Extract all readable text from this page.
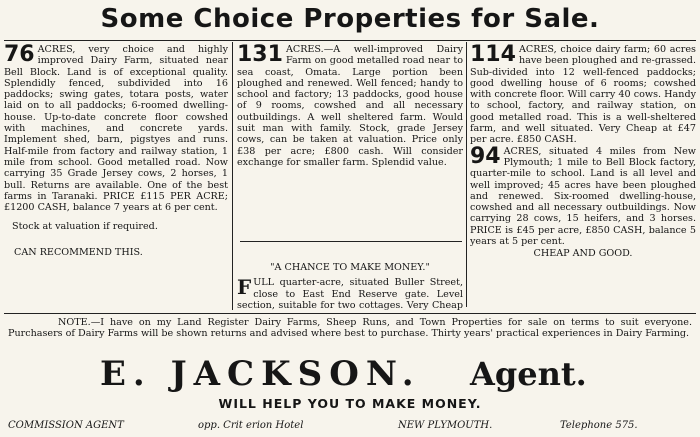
Some Choice Properties for Sale.

76 ACRES, very choice and highly improved Dairy Farm, situated near Bell Block. Land is of exceptional quality. Splendidly fenced, subdivided into 16 paddocks; swing gates, totara posts, water laid on to all paddocks; 6-roomed dwelling-house. Up-to-date concrete floor cowshed with machines, and concrete yards. Implement shed, barn, pigstyes and runs. Half-mile from factory and railway station, 1 mile from school. Good metalled road. Now carrying 35 Grade Jersey cows, 2 horses, 1 bull. Returns are available. One of the best farms in Taranaki. PRICE £115 PER ACRE; £1200 CASH, balance 7 years at 6 per cent.

Stock at valuation if required.

CAN RECOMMEND THIS.

131 ACRES.—A well-improved Dairy Farm on good metalled road near to sea coast, Omata. Large portion been ploughed and renewed. Well fenced; handy to school and factory; 13 paddocks, good house of 9 rooms, cowshed and all necessary outbuildings. A well sheltered farm. Would suit man with family. Stock, grade Jersey cows, can be taken at valuation. Price only £38 per acre; £800 cash. Will consider exchange for smaller farm. Splendid value.

"A CHANCE TO MAKE MONEY."

F ULL quarter-acre, situated Buller Street, close to East End Reserve gate. Level section, suitable for two cottages. Very Cheap

114 ACRES, choice dairy farm; 60 acres have been ploughed and re-grassed. Sub-divided into 12 well-fenced paddocks; good dwelling house of 6 rooms; cowshed with concrete floor. Will carry 40 cows. Handy to school, factory, and railway station, on good metalled road. This is a well-sheltered farm, and well situated. Very Cheap at £47 per acre. £850 CASH.

94 ACRES, situated 4 miles from New Plymouth; 1 mile to Bell Block factory, quarter-mile to school. Land is all level and well improved; 45 acres have been ploughed and renewed. Six-roomed dwelling-house, cowshed and all necessary outbuildings. Now carrying 28 cows, 15 heifers, and 3 horses. PRICE is £45 per acre, £850 CASH, balance 5 years at 5 per cent.

CHEAP AND GOOD.

NOTE.—I have on my Land Register Dairy Farms, Sheep Runs, and Town Properties for sale on terms to suit everyone. Purchasers of Dairy Farms will be shown returns and advised where best to purchase. Thirty years' practical experiences in Dairy Farming.

E. JACKSON. Agent.
WILL HELP YOU TO MAKE MONEY.
COMMISSION AGENT	opp. Crit erion Hotel	NEW PLYMOUTH.	Telephone 575.
